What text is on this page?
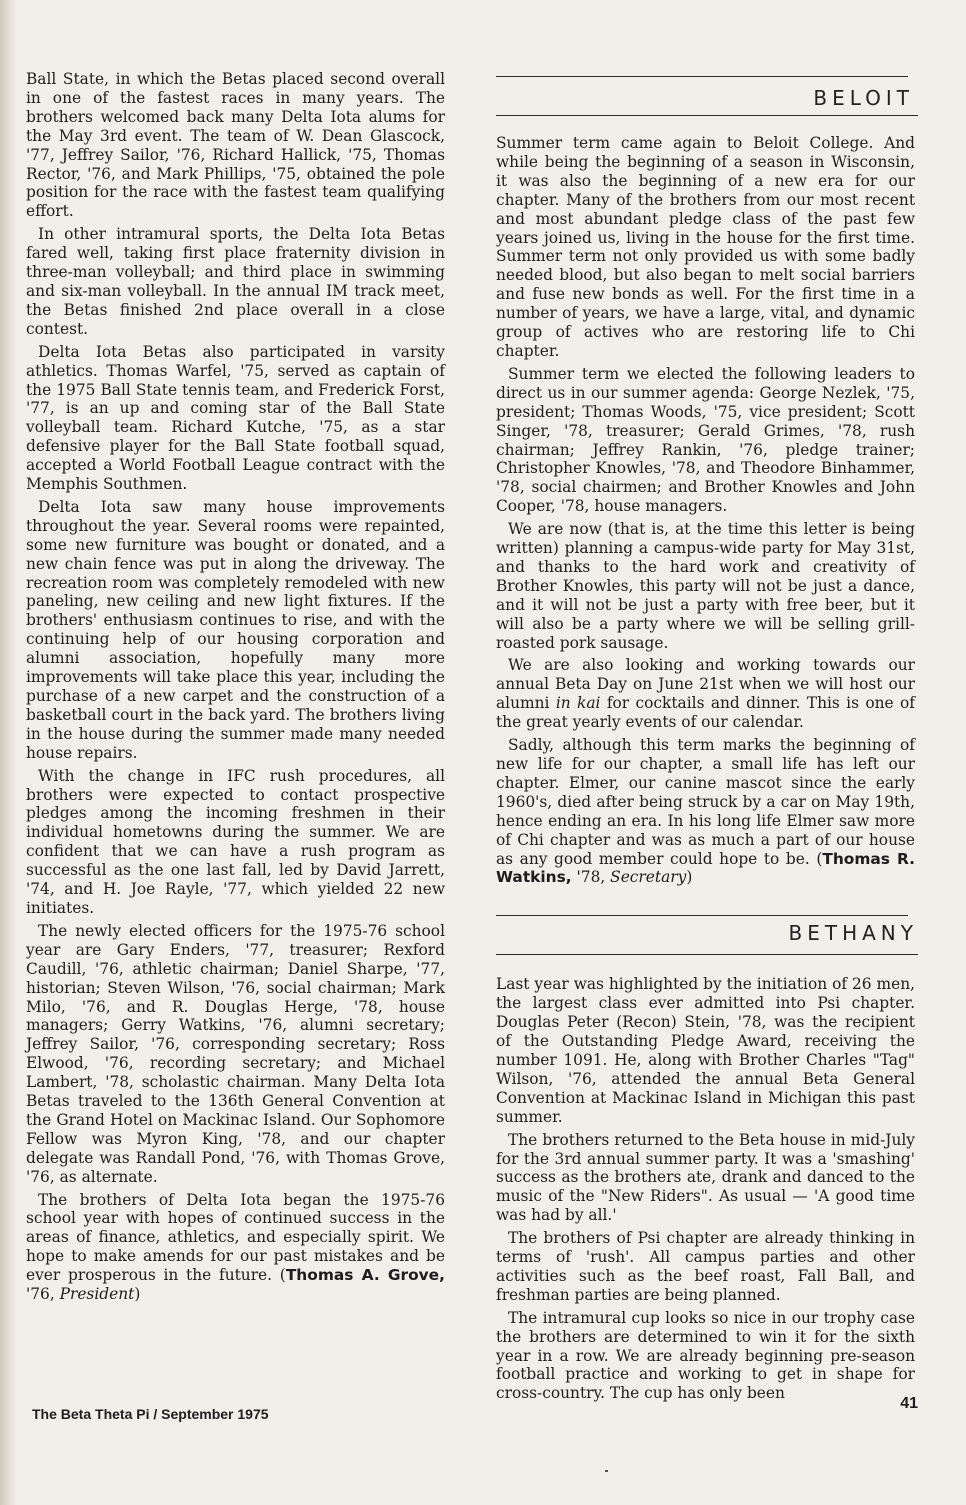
Ball State, in which the Betas placed second overall in one of the fastest races in many years. The brothers welcomed back many Delta Iota alums for the May 3rd event. The team of W. Dean Glascock, '77, Jeffrey Sailor, '76, Richard Hallick, '75, Thomas Rector, '76, and Mark Phillips, '75, obtained the pole position for the race with the fastest team qualifying effort.

In other intramural sports, the Delta Iota Betas fared well, taking first place fraternity division in three-man volleyball; and third place in swimming and six-man volleyball. In the annual IM track meet, the Betas finished 2nd place overall in a close contest.

Delta Iota Betas also participated in varsity athletics. Thomas Warfel, '75, served as captain of the 1975 Ball State tennis team, and Frederick Forst, '77, is an up and coming star of the Ball State volleyball team. Richard Kutche, '75, as a star defensive player for the Ball State football squad, accepted a World Football League contract with the Memphis Southmen.

Delta Iota saw many house improvements throughout the year. Several rooms were repainted, some new furniture was bought or donated, and a new chain fence was put in along the driveway. The recreation room was completely remodeled with new paneling, new ceiling and new light fixtures. If the brothers' enthusiasm continues to rise, and with the continuing help of our housing corporation and alumni association, hopefully many more improvements will take place this year, including the purchase of a new carpet and the construction of a basketball court in the back yard. The brothers living in the house during the summer made many needed house repairs.

With the change in IFC rush procedures, all brothers were expected to contact prospective pledges among the incoming freshmen in their individual hometowns during the summer. We are confident that we can have a rush program as successful as the one last fall, led by David Jarrett, '74, and H. Joe Rayle, '77, which yielded 22 new initiates.

The newly elected officers for the 1975-76 school year are Gary Enders, '77, treasurer; Rexford Caudill, '76, athletic chairman; Daniel Sharpe, '77, historian; Steven Wilson, '76, social chairman; Mark Milo, '76, and R. Douglas Herge, '78, house managers; Gerry Watkins, '76, alumni secretary; Jeffrey Sailor, '76, corresponding secretary; Ross Elwood, '76, recording secretary; and Michael Lambert, '78, scholastic chairman. Many Delta Iota Betas traveled to the 136th General Convention at the Grand Hotel on Mackinac Island. Our Sophomore Fellow was Myron King, '78, and our chapter delegate was Randall Pond, '76, with Thomas Grove, '76, as alternate.

The brothers of Delta Iota began the 1975-76 school year with hopes of continued success in the areas of finance, athletics, and especially spirit. We hope to make amends for our past mistakes and be ever prosperous in the future. (Thomas A. Grove, '76, President)

BELOIT

Summer term came again to Beloit College. And while being the beginning of a season in Wisconsin, it was also the beginning of a new era for our chapter. Many of the brothers from our most recent and most abundant pledge class of the past few years joined us, living in the house for the first time. Summer term not only provided us with some badly needed blood, but also began to melt social barriers and fuse new bonds as well. For the first time in a number of years, we have a large, vital, and dynamic group of actives who are restoring life to Chi chapter.

Summer term we elected the following leaders to direct us in our summer agenda: George Nezlek, '75, president; Thomas Woods, '75, vice president; Scott Singer, '78, treasurer; Gerald Grimes, '78, rush chairman; Jeffrey Rankin, '76, pledge trainer; Christopher Knowles, '78, and Theodore Binhammer, '78, social chairmen; and Brother Knowles and John Cooper, '78, house managers.

We are now (that is, at the time this letter is being written) planning a campus-wide party for May 31st, and thanks to the hard work and creativity of Brother Knowles, this party will not be just a dance, and it will not be just a party with free beer, but it will also be a party where we will be selling grill-roasted pork sausage.

We are also looking and working towards our annual Beta Day on June 21st when we will host our alumni in kai for cocktails and dinner. This is one of the great yearly events of our calendar.

Sadly, although this term marks the beginning of new life for our chapter, a small life has left our chapter. Elmer, our canine mascot since the early 1960's, died after being struck by a car on May 19th, hence ending an era. In his long life Elmer saw more of Chi chapter and was as much a part of our house as any good member could hope to be. (Thomas R. Watkins, '78, Secretary)

BETHANY

Last year was highlighted by the initiation of 26 men, the largest class ever admitted into Psi chapter. Douglas Peter (Recon) Stein, '78, was the recipient of the Outstanding Pledge Award, receiving the number 1091. He, along with Brother Charles "Tag" Wilson, '76, attended the annual Beta General Convention at Mackinac Island in Michigan this past summer.

The brothers returned to the Beta house in mid-July for the 3rd annual summer party. It was a 'smashing' success as the brothers ate, drank and danced to the music of the "New Riders". As usual — 'A good time was had by all.'

The brothers of Psi chapter are already thinking in terms of 'rush'. All campus parties and other activities such as the beef roast, Fall Ball, and freshman parties are being planned.

The intramural cup looks so nice in our trophy case the brothers are determined to win it for the sixth year in a row. We are already beginning pre-season football practice and working to get in shape for cross-country. The cup has only been

The Beta Theta Pi / September 1975
41
